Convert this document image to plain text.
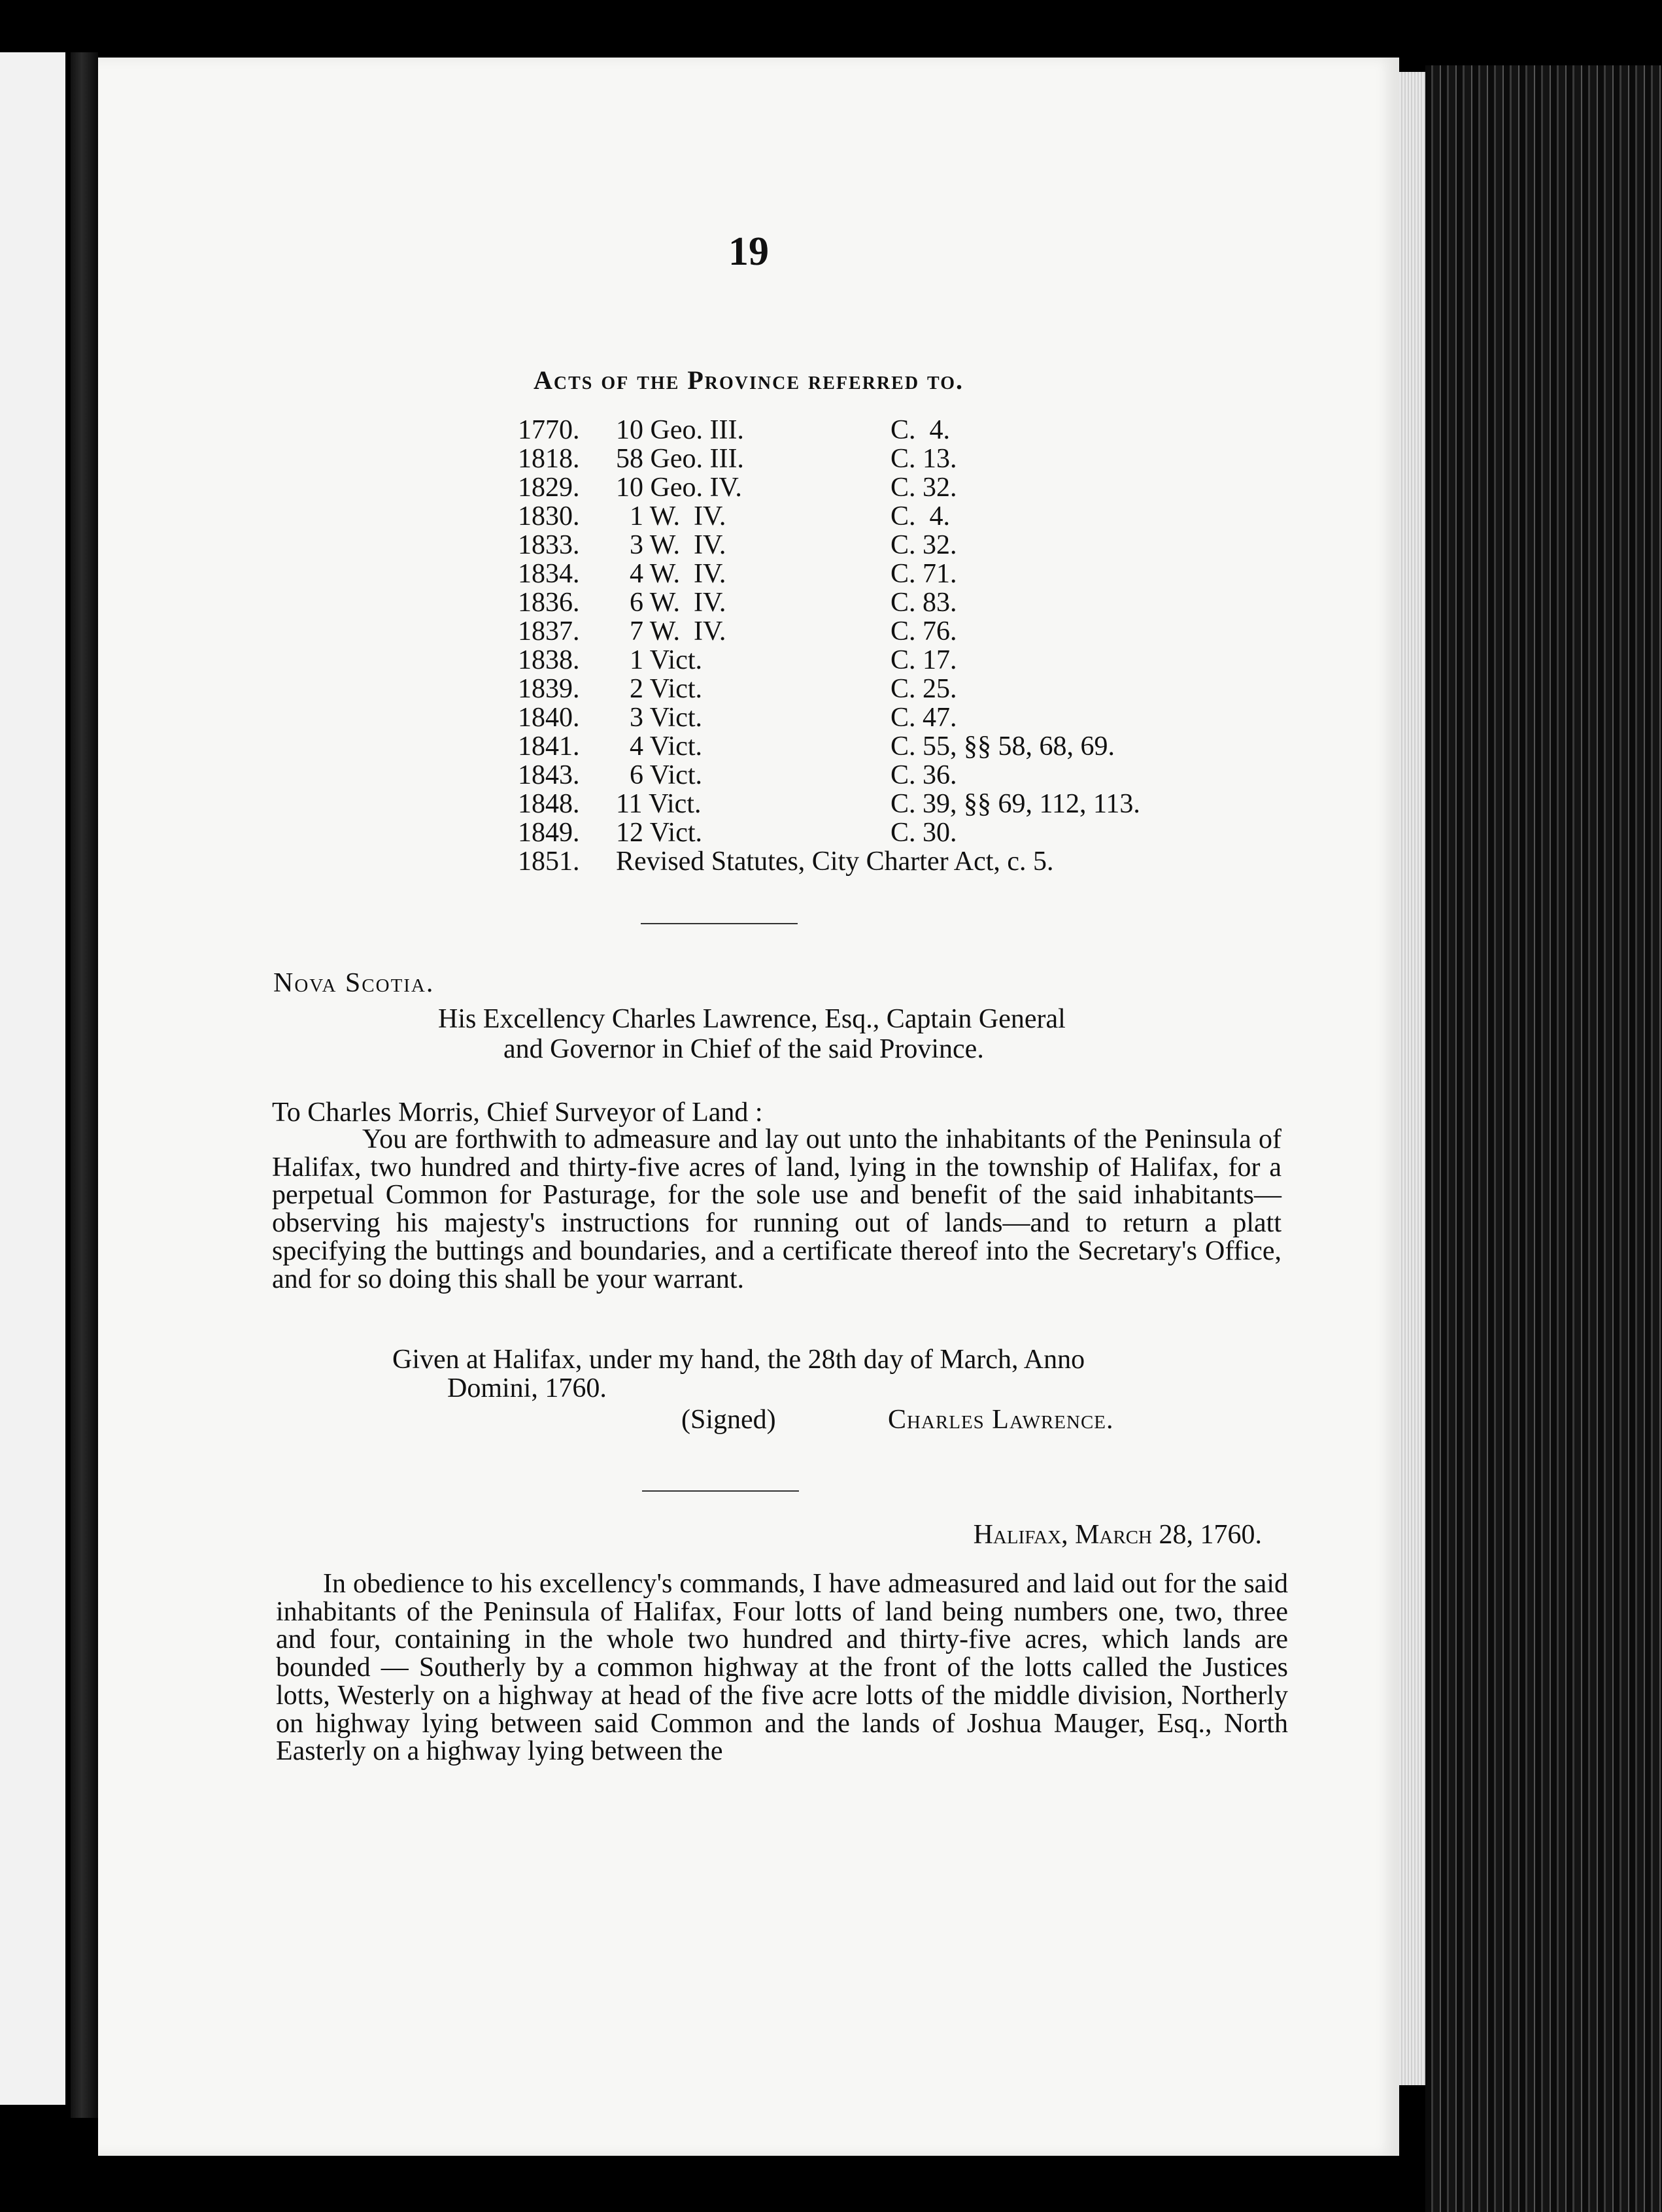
19
Acts of the Province referred to.
1770. 10 Geo. III.	C.  4.
1818. 58 Geo. III.	C. 13.
1829. 10 Geo. IV.	C. 32.
1830. 1 W.  IV.	C.  4.
1833. 3 W.  IV.	C. 32.
1834. 4 W.  IV.	C. 71.
1836. 6 W.  IV.	C. 83.
1837. 7 W.  IV.	C. 76.
1838. 1 Vict.	C. 17.
1839. 2 Vict.	C. 25.
1840. 3 Vict.	C. 47.
1841. 4 Vict.	C. 55, §§ 58, 68, 69.
1843. 6 Vict.	C. 36.
1848. 11 Vict.	C. 39, §§ 69, 112, 113.
1849. 12 Vict.	C. 30.
1851. Revised Statutes, City Charter Act, c. 5.
Nova Scotia.
His Excellency Charles Lawrence, Esq., Captain General
and Governor in Chief of the said Province.
To Charles Morris, Chief Surveyor of Land :
You are forthwith to admeasure and lay out unto the inhabitants of the Peninsula of Halifax, two hundred and thirty-five acres of land, lying in the township of Halifax, for a perpetual Common for Pasturage, for the sole use and benefit of the said inhabitants—observing his majesty's instructions for running out of lands—and to return a platt specifying the buttings and boundaries, and a certificate thereof into the Secretary's Office, and for so doing this shall be your warrant.
Given at Halifax, under my hand, the 28th day of March, Anno
Domini, 1760.
(Signed)	Charles Lawrence.
Halifax, March 28, 1760.
In obedience to his excellency's commands, I have admeasured and laid out for the said inhabitants of the Peninsula of Halifax, Four lotts of land being numbers one, two, three and four, containing in the whole two hundred and thirty-five acres, which lands are bounded — Southerly by a common highway at the front of the lotts called the Justices lotts, Westerly on a highway at head of the five acre lotts of the middle division, Northerly on highway lying between said Common and the lands of Joshua Mauger, Esq., North Easterly on a highway lying between the
